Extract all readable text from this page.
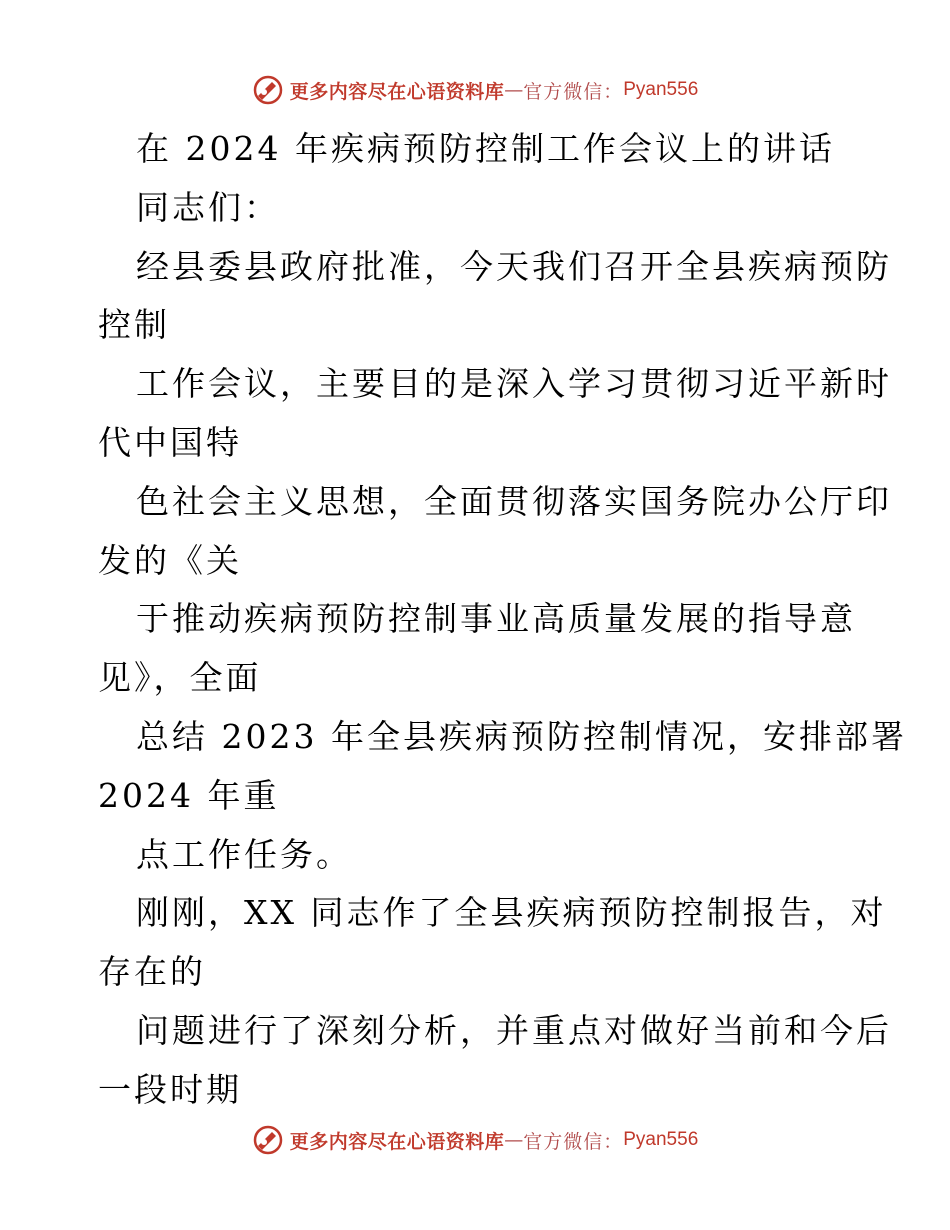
更多内容尽在心语资料库 — 官方微信： Pyan556
在 2024 年疾病预防控制工作会议上的讲话
同志们：
经县委县政府批准，今天我们召开全县疾病预防
控制
工作会议，主要目的是深入学习贯彻习近平新时
代中国特
色社会主义思想，全面贯彻落实国务院办公厅印
发的《关
于推动疾病预防控制事业高质量发展的指导意
见》，全面
总结 2023 年全县疾病预防控制情况，安排部署
2024 年重
点工作任务。
刚刚，XX 同志作了全县疾病预防控制报告，对
存在的
问题进行了深刻分析，并重点对做好当前和今后
一段时期
更多内容尽在心语资料库 — 官方微信： Pyan556
